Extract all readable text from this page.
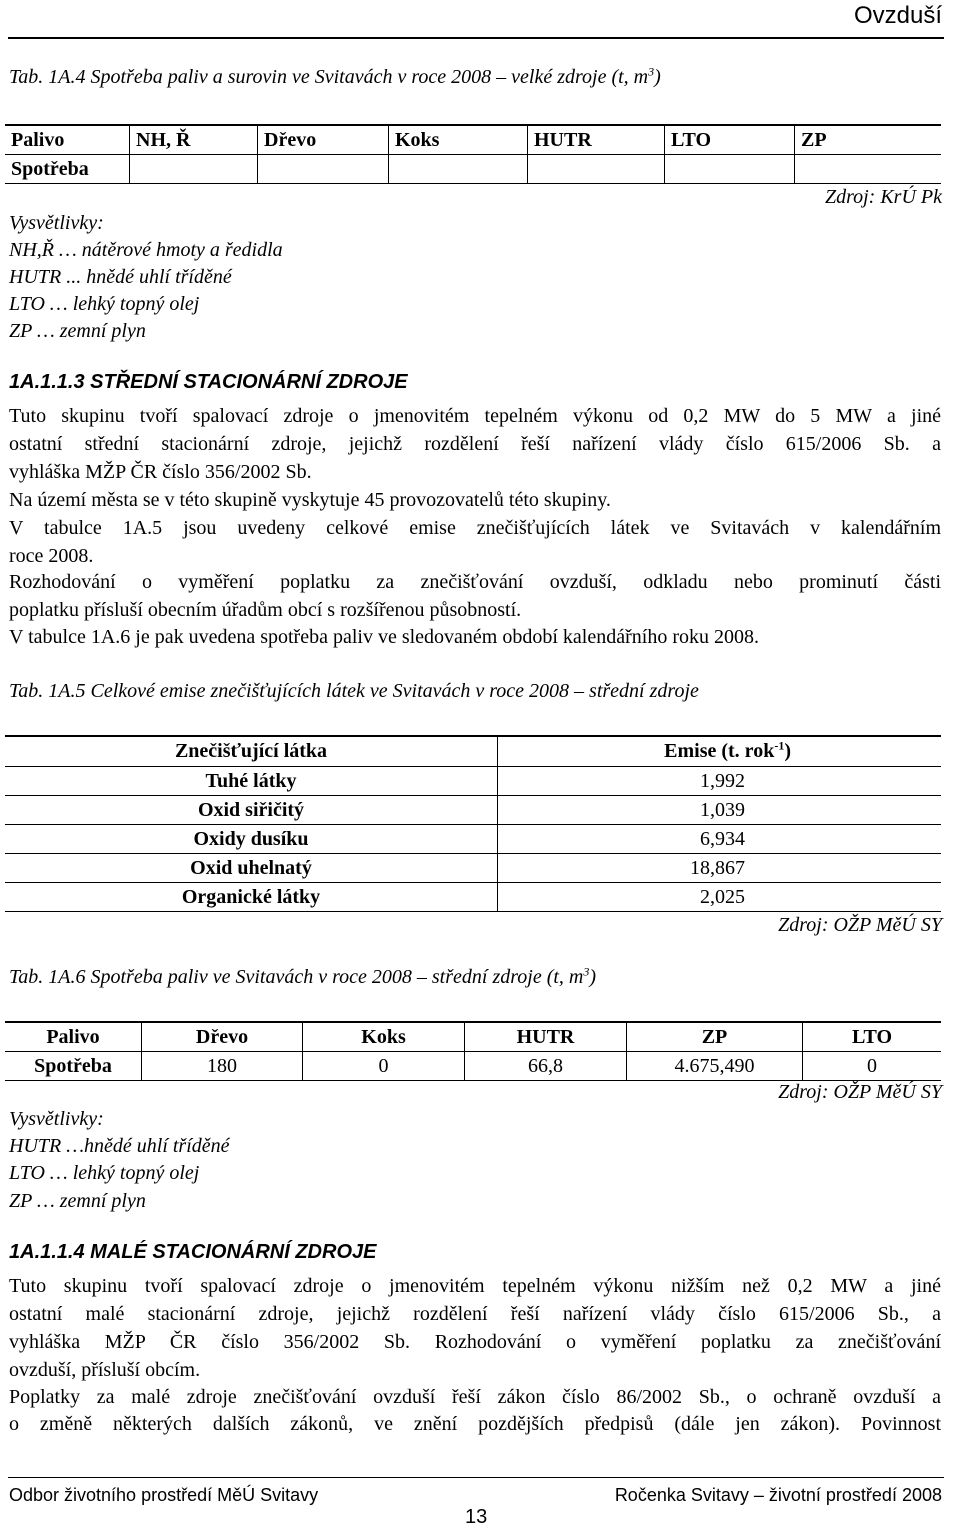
Ovzduší
Tab. 1A.4 Spotřeba paliv a surovin ve Svitavách v roce 2008 – velké zdroje (t, $m^3$)
Palivo	NH, Ř	Dřevo	Koks	HUTR	LTO	ZP
Spotřeba						
Zdroj: KrÚ Pk
Vysvětlivky:
NH,Ř … nátěrové hmoty a ředidla
HUTR ... hnědé uhlí tříděné
LTO … lehký topný olej
ZP … zemní plyn
1A.1.1.3 STŘEDNÍ STACIONÁRNÍ ZDROJE
Tuto skupinu tvoří spalovací zdroje o jmenovitém tepelném výkonu od 0,2 MW do 5 MW a jiné
ostatní střední stacionární zdroje, jejichž rozdělení řeší nařízení vlády číslo 615/2006 Sb. a
vyhláška MŽP ČR číslo 356/2002 Sb.
Na území města se v této skupině vyskytuje 45 provozovatelů této skupiny.
V tabulce 1A.5 jsou uvedeny celkové emise znečišťujících látek ve Svitavách v kalendářním
roce 2008.
Rozhodování o vyměření poplatku za znečišťování ovzduší, odkladu nebo prominutí části
poplatku přísluší obecním úřadům obcí s rozšířenou působností.
V tabulce 1A.6 je pak uvedena spotřeba paliv ve sledovaném období kalendářního roku 2008.
Tab. 1A.5 Celkové emise znečišťujících látek ve Svitavách v roce 2008 – střední zdroje
Znečišťující látka	Emise (t. rok$^{-1}$)
Tuhé látky	1,992
Oxid siřičitý	1,039
Oxidy dusíku	6,934
Oxid uhelnatý	18,867
Organické látky	2,025
Zdroj: OŽP MěÚ SY
Tab. 1A.6 Spotřeba paliv ve Svitavách v roce 2008 – střední zdroje (t, $m^3$)
Palivo	Dřevo	Koks	HUTR	ZP	LTO
Spotřeba	180	0	66,8	4.675,490	0
Zdroj: OŽP MěÚ SY
Vysvětlivky:
HUTR …hnědé uhlí tříděné
LTO … lehký topný olej
ZP … zemní plyn
1A.1.1.4 MALÉ STACIONÁRNÍ ZDROJE
Tuto skupinu tvoří spalovací zdroje o jmenovitém tepelném výkonu nižším než 0,2 MW a jiné
ostatní malé stacionární zdroje, jejichž rozdělení řeší nařízení vlády číslo 615/2006 Sb., a
vyhláška MŽP ČR číslo 356/2002 Sb. Rozhodování o vyměření poplatku za znečišťování
ovzduší, přísluší obcím.
Poplatky za malé zdroje znečišťování ovzduší řeší zákon číslo 86/2002 Sb., o ochraně ovzduší a
o změně některých dalších zákonů, ve znění pozdějších předpisů (dále jen zákon). Povinnost
Odbor životního prostředí MěÚ Svitavy	Ročenka Svitavy – životní prostředí 2008
13
